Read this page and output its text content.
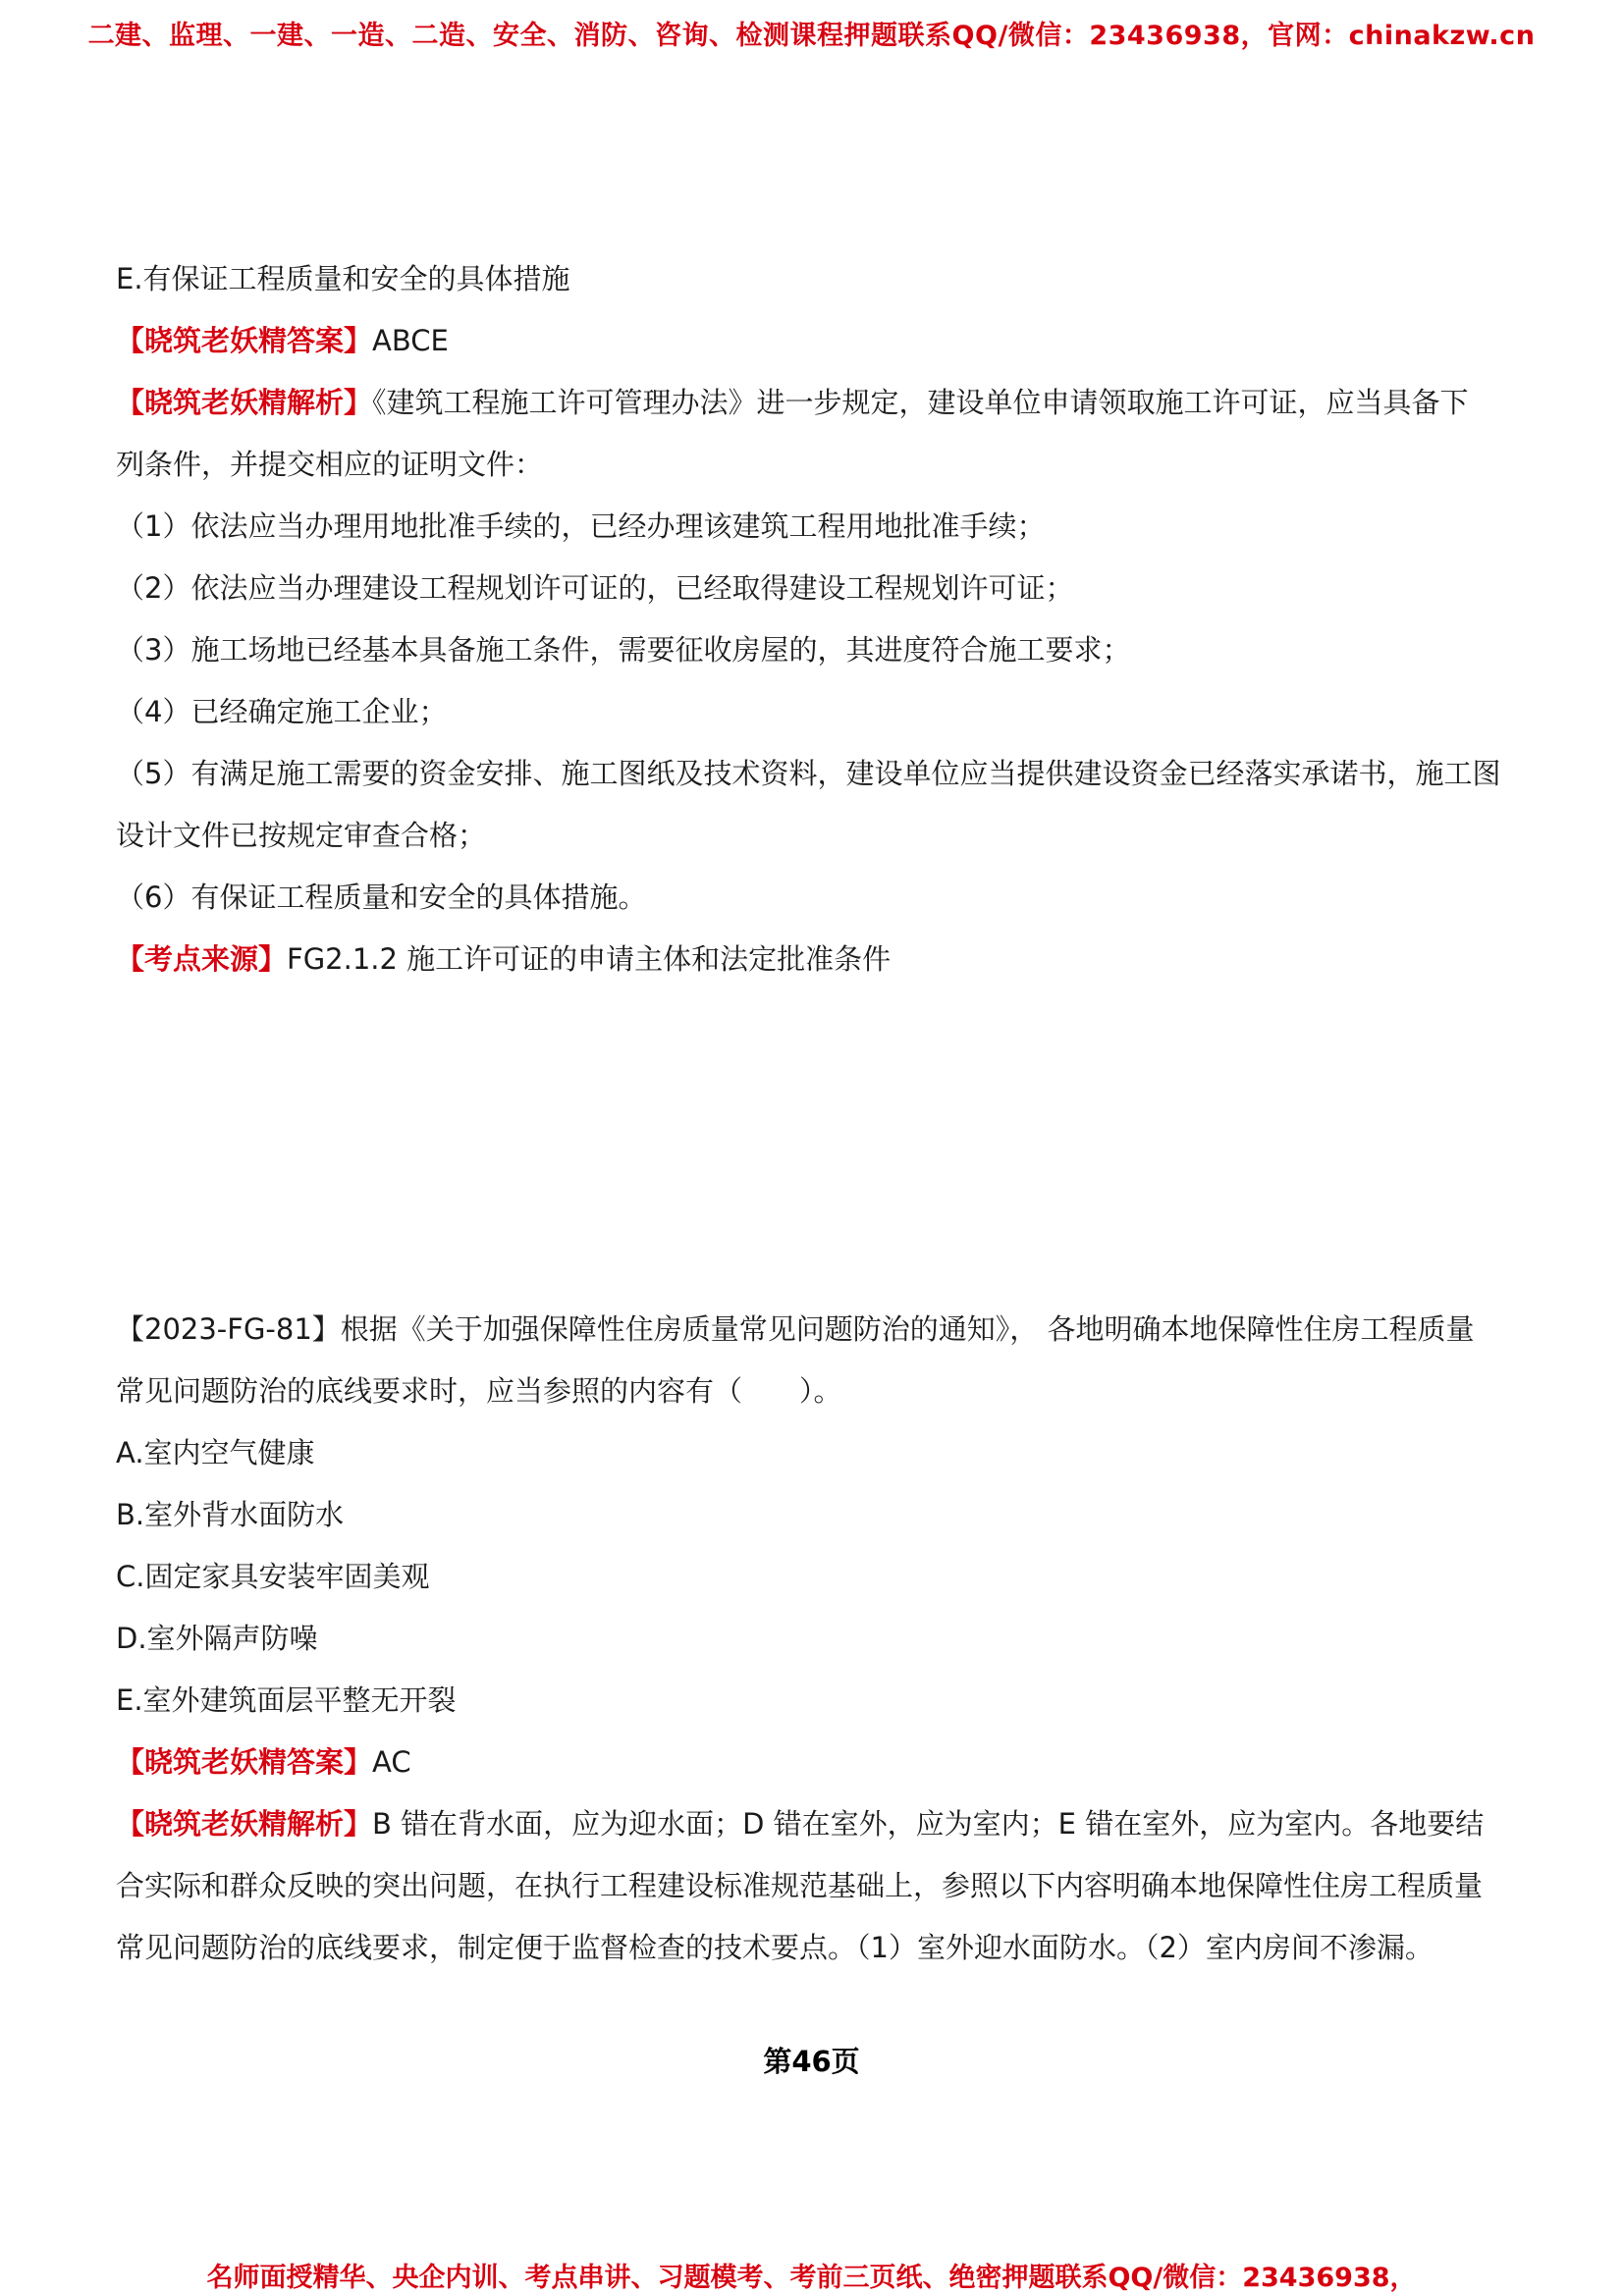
二建、监理、一建、一造、二造、安全、消防、咨询、检测课程押题联系QQ/微信：23436938，官网：chinakzw.cn
E.有保证工程质量和安全的具体措施
【晓筑老妖精答案】ABCE
【晓筑老妖精解析】《建筑工程施工许可管理办法》进一步规定，建设单位申请领取施工许可证，应当具备下
列条件，并提交相应的证明文件：
（1）依法应当办理用地批准手续的，已经办理该建筑工程用地批准手续；
（2）依法应当办理建设工程规划许可证的，已经取得建设工程规划许可证；
（3）施工场地已经基本具备施工条件，需要征收房屋的，其进度符合施工要求；
（4）已经确定施工企业；
（5）有满足施工需要的资金安排、施工图纸及技术资料，建设单位应当提供建设资金已经落实承诺书，施工图
设计文件已按规定审查合格；
（6）有保证工程质量和安全的具体措施。
【考点来源】FG2.1.2 施工许可证的申请主体和法定批准条件
【2023-FG-81】根据《关于加强保障性住房质量常见问题防治的通知》， 各地明确本地保障性住房工程质量
常见问题防治的底线要求时，应当参照的内容有（　　）。
A.室内空气健康
B.室外背水面防水
C.固定家具安装牢固美观
D.室外隔声防噪
E.室外建筑面层平整无开裂
【晓筑老妖精答案】AC
【晓筑老妖精解析】B 错在背水面，应为迎水面；D 错在室外，应为室内；E 错在室外，应为室内。各地要结
合实际和群众反映的突出问题，在执行工程建设标准规范基础上，参照以下内容明确本地保障性住房工程质量
常见问题防治的底线要求，制定便于监督检查的技术要点。（1）室外迎水面防水。（2）室内房间不渗漏。
第46页
名师面授精华、央企内训、考点串讲、习题模考、考前三页纸、绝密押题联系QQ/微信：23436938，
